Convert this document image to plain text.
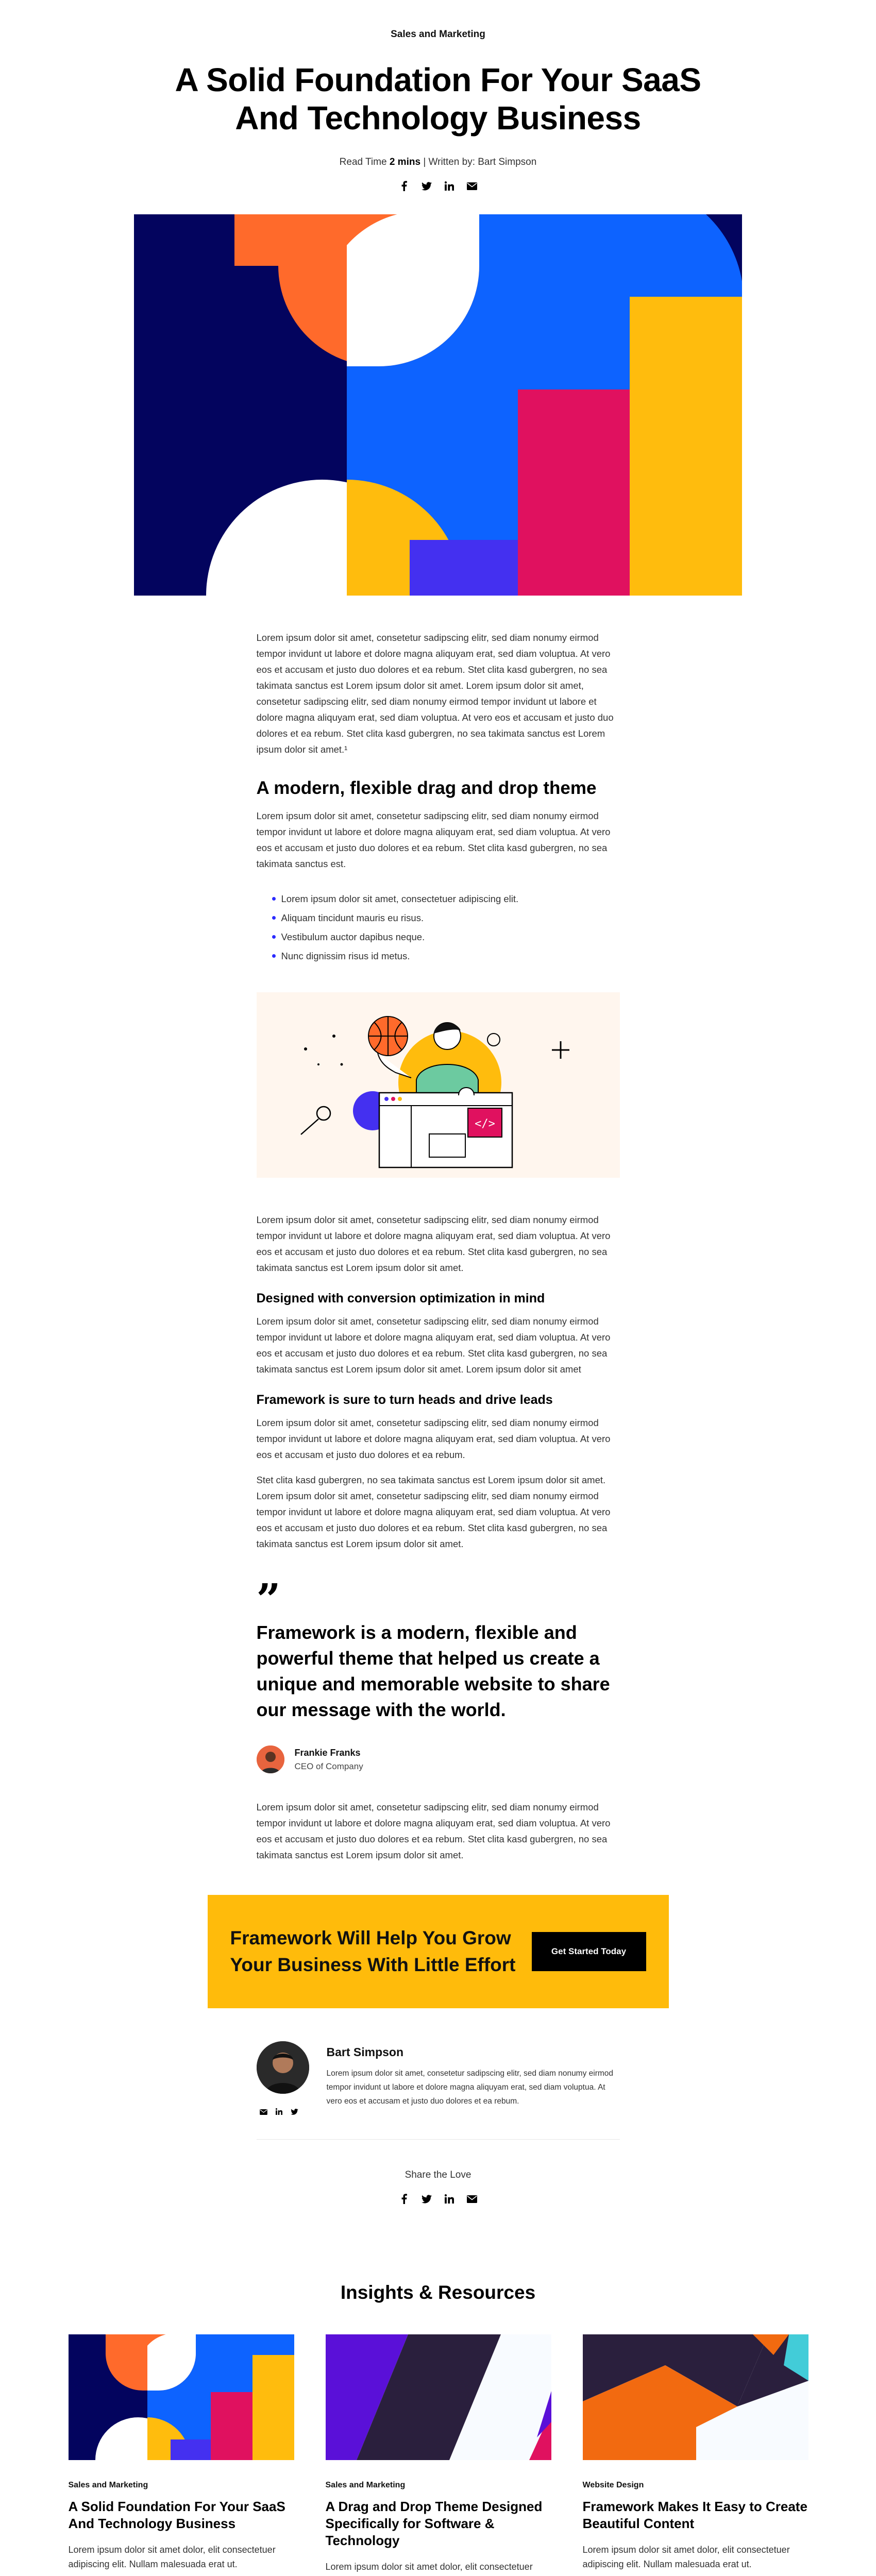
Sales and Marketing
A Solid Foundation For Your SaaS And Technology Business
Read Time 2 mins | Written by: Bart Simpson

Lorem ipsum dolor sit amet, consetetur sadipscing elitr, sed diam nonumy eirmod tempor invidunt ut labore et dolore magna aliquyam erat, sed diam voluptua. At vero eos et accusam et justo duo dolores et ea rebum. Stet clita kasd gubergren, no sea takimata sanctus est Lorem ipsum dolor sit amet. Lorem ipsum dolor sit amet, consetetur sadipscing elitr, sed diam nonumy eirmod tempor invidunt ut labore et dolore magna aliquyam erat, sed diam voluptua. At vero eos et accusam et justo duo dolores et ea rebum. Stet clita kasd gubergren, no sea takimata sanctus est Lorem ipsum dolor sit amet.¹

A modern, flexible drag and drop theme

Lorem ipsum dolor sit amet, consetetur sadipscing elitr, sed diam nonumy eirmod tempor invidunt ut labore et dolore magna aliquyam erat, sed diam voluptua. At vero eos et accusam et justo duo dolores et ea rebum. Stet clita kasd gubergren, no sea takimata sanctus est.

Lorem ipsum dolor sit amet, consectetuer adipiscing elit.
Aliquam tincidunt mauris eu risus.
Vestibulum auctor dapibus neque.
Nunc dignissim risus id metus.
</>

Lorem ipsum dolor sit amet, consetetur sadipscing elitr, sed diam nonumy eirmod tempor invidunt ut labore et dolore magna aliquyam erat, sed diam voluptua. At vero eos et accusam et justo duo dolores et ea rebum. Stet clita kasd gubergren, no sea takimata sanctus est Lorem ipsum dolor sit amet.

Designed with conversion optimization in mind

Lorem ipsum dolor sit amet, consetetur sadipscing elitr, sed diam nonumy eirmod tempor invidunt ut labore et dolore magna aliquyam erat, sed diam voluptua. At vero eos et accusam et justo duo dolores et ea rebum. Stet clita kasd gubergren, no sea takimata sanctus est Lorem ipsum dolor sit amet. Lorem ipsum dolor sit amet

Framework is sure to turn heads and drive leads

Lorem ipsum dolor sit amet, consetetur sadipscing elitr, sed diam nonumy eirmod tempor invidunt ut labore et dolore magna aliquyam erat, sed diam voluptua. At vero eos et accusam et justo duo dolores et ea rebum.

Stet clita kasd gubergren, no sea takimata sanctus est Lorem ipsum dolor sit amet. Lorem ipsum dolor sit amet, consetetur sadipscing elitr, sed diam nonumy eirmod tempor invidunt ut labore et dolore magna aliquyam erat, sed diam voluptua. At vero eos et accusam et justo duo dolores et ea rebum. Stet clita kasd gubergren, no sea takimata sanctus est Lorem ipsum dolor sit amet.

”

Framework is a modern, flexible and powerful theme that helped us create a unique and memorable website to share our message with the world.

Frankie Franks
CEO of Company

Lorem ipsum dolor sit amet, consetetur sadipscing elitr, sed diam nonumy eirmod tempor invidunt ut labore et dolore magna aliquyam erat, sed diam voluptua. At vero eos et accusam et justo duo dolores et ea rebum. Stet clita kasd gubergren, no sea takimata sanctus est Lorem ipsum dolor sit amet.

Framework Will Help You Grow Your Business With Little Effort
Get Started Today
Bart Simpson

Lorem ipsum dolor sit amet, consetetur sadipscing elitr, sed diam nonumy eirmod tempor invidunt ut labore et dolore magna aliquyam erat, sed diam voluptua. At vero eos et accusam et justo duo dolores et ea rebum.

Share the Love
Insights & Resources
Sales and Marketing
A Solid Foundation For Your SaaS And Technology Business

Lorem ipsum dolor sit amet dolor, elit consectetuer adipiscing elit. Nullam malesuada erat ut.

Sales and Marketing
A Drag and Drop Theme Designed Specifically for Software & Technology

Lorem ipsum dolor sit amet dolor, elit consectetuer

Website Design
Framework Makes It Easy to Create Beautiful Content

Lorem ipsum dolor sit amet dolor, elit consectetuer adipiscing elit. Nullam malesuada erat ut.
